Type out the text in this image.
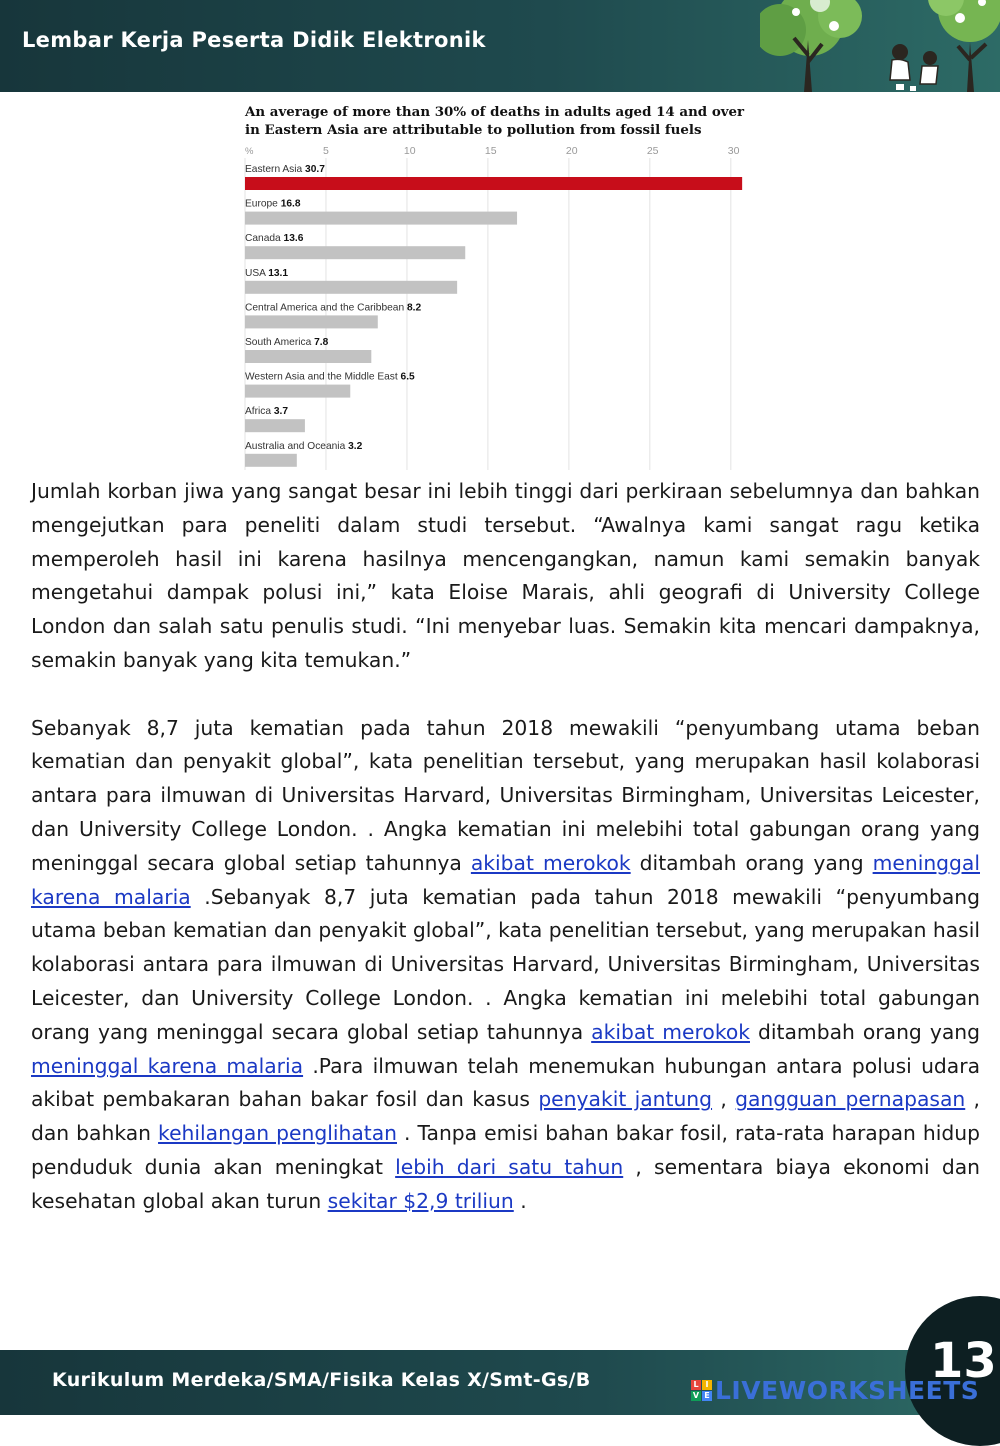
Lembar Kerja Peserta Didik Elektronik
%	5	10	15	20	25	30
Eastern Asia 30.7
Europe 16.8
Canada 13.6
USA 13.1
Central America and the Caribbean 8.2
South America 7.8
Western Asia and the Middle East 6.5
Africa 3.7
Australia and Oceania 3.2
An average of more than 30% of deaths in adults aged 14 and over in Eastern Asia are attributable to pollution from fossil fuels

Jumlah korban jiwa yang sangat besar ini lebih tinggi dari perkiraan sebelumnya dan bahkan mengejutkan para peneliti dalam studi tersebut. “Awalnya kami sangat ragu ketika memperoleh hasil ini karena hasilnya mencengangkan, namun kami semakin banyak mengetahui dampak polusi ini,” kata Eloise Marais, ahli geografi di University College London dan salah satu penulis studi. “Ini menyebar luas. Semakin kita mencari dampaknya, semakin banyak yang kita temukan.”

Sebanyak 8,7 juta kematian pada tahun 2018 mewakili “penyumbang utama beban kematian dan penyakit global”, kata penelitian tersebut, yang merupakan hasil kolaborasi antara para ilmuwan di Universitas Harvard, Universitas Birmingham, Universitas Leicester, dan University College London. . Angka kematian ini melebihi total gabungan orang yang meninggal secara global setiap tahunnya akibat merokok ditambah orang yang meninggal karena malaria .Sebanyak 8,7 juta kematian pada tahun 2018 mewakili “penyumbang utama beban kematian dan penyakit global”, kata penelitian tersebut, yang merupakan hasil kolaborasi antara para ilmuwan di Universitas Harvard, Universitas Birmingham, Universitas Leicester, dan University College London. . Angka kematian ini melebihi total gabungan orang yang meninggal secara global setiap tahunnya akibat merokok ditambah orang yang meninggal karena malaria .Para ilmuwan telah menemukan hubungan antara polusi udara akibat pembakaran bahan bakar fosil dan kasus penyakit jantung , gangguan pernapasan , dan bahkan kehilangan penglihatan . Tanpa emisi bahan bakar fosil, rata-rata harapan hidup penduduk dunia akan meningkat lebih dari satu tahun , sementara biaya ekonomi dan kesehatan global akan turun sekitar $2,9 triliun .

Kurikulum Merdeka/SMA/Fisika Kelas X/Smt-Gs/B	13
L I
V E LIVEWORKSHEETS
